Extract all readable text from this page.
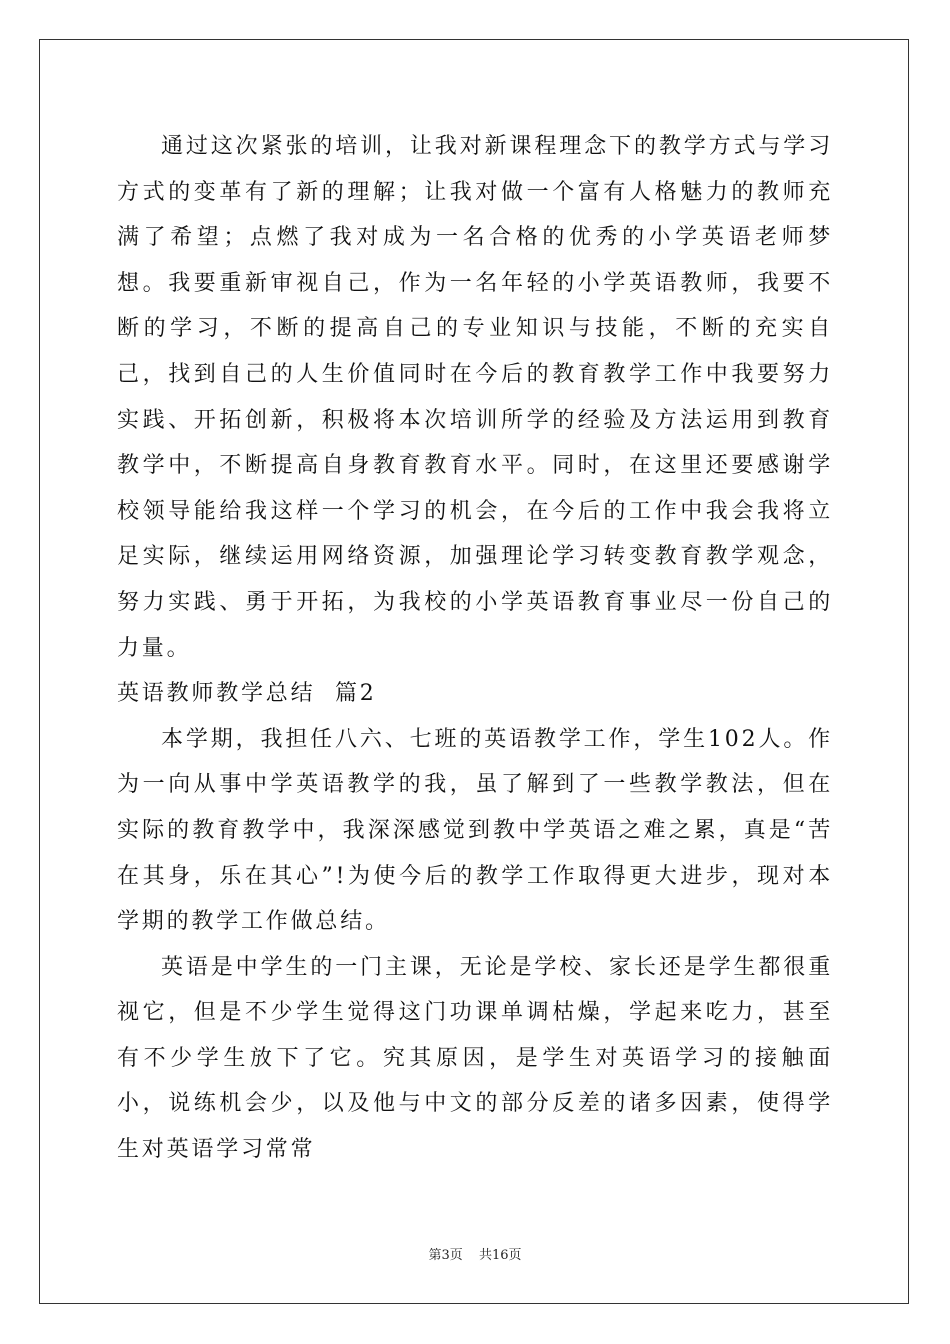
通过这次紧张的培训，让我对新课程理念下的教学方式与学习方式的变革有了新的理解；让我对做一个富有人格魅力的教师充满了希望；点燃了我对成为一名合格的优秀的小学英语老师梦想。我要重新审视自己，作为一名年轻的小学英语教师，我要不断的学习，不断的提高自己的专业知识与技能，不断的充实自己，找到自己的人生价值同时在今后的教育教学工作中我要努力实践、开拓创新，积极将本次培训所学的经验及方法运用到教育教学中，不断提高自身教育教育水平。同时，在这里还要感谢学校领导能给我这样一个学习的机会，在今后的工作中我会我将立足实际，继续运用网络资源，加强理论学习转变教育教学观念，努力实践、勇于开拓，为我校的小学英语教育事业尽一份自己的力量。

英语教师教学总结  篇2

本学期，我担任八六、七班的英语教学工作，学生102人。作为一向从事中学英语教学的我，虽了解到了一些教学教法，但在实际的教育教学中，我深深感觉到教中学英语之难之累，真是“苦在其身，乐在其心”!为使今后的教学工作取得更大进步，现对本学期的教学工作做总结。

英语是中学生的一门主课，无论是学校、家长还是学生都很重视它，但是不少学生觉得这门功课单调枯燥，学起来吃力，甚至有不少学生放下了它。究其原因，是学生对英语学习的接触面小，说练机会少，以及他与中文的部分反差的诸多因素，使得学生对英语学习常常

第3页 共16页
